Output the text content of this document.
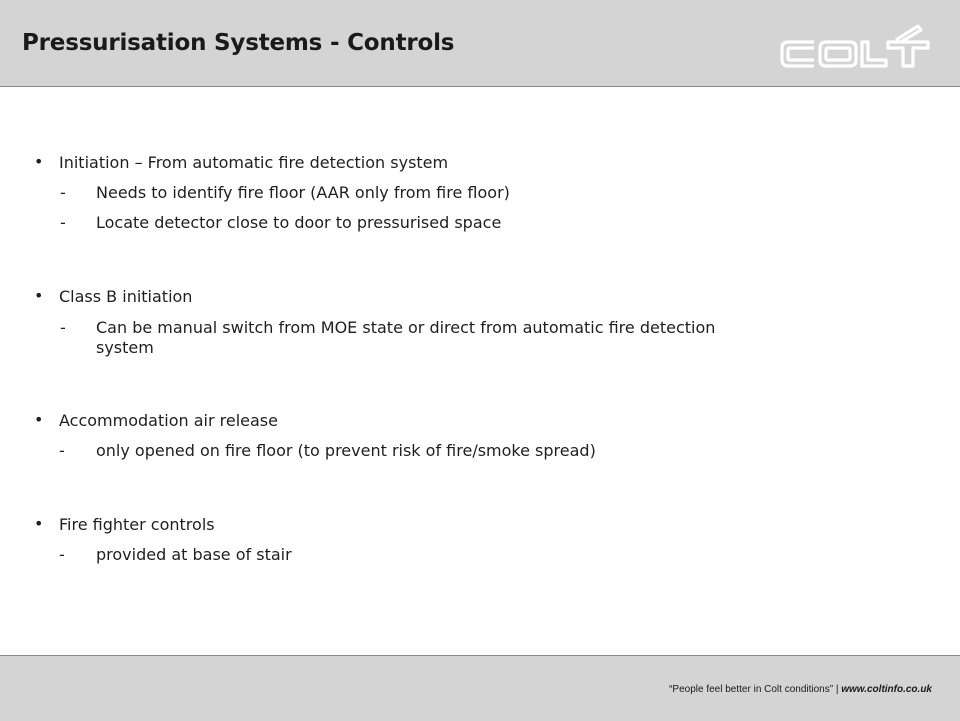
Pressurisation Systems - Controls
• Initiation – From automatic fire detection system
- Needs to identify fire floor (AAR only from fire floor)
- Locate detector close to door to pressurised space
• Class B initiation
- Can be manual switch from MOE state or direct from automatic fire detection system
• Accommodation air release
- only opened on fire floor (to prevent risk of fire/smoke spread)
• Fire fighter controls
- provided at base of stair
“People feel better in Colt conditions” | www.coltinfo.co.uk
